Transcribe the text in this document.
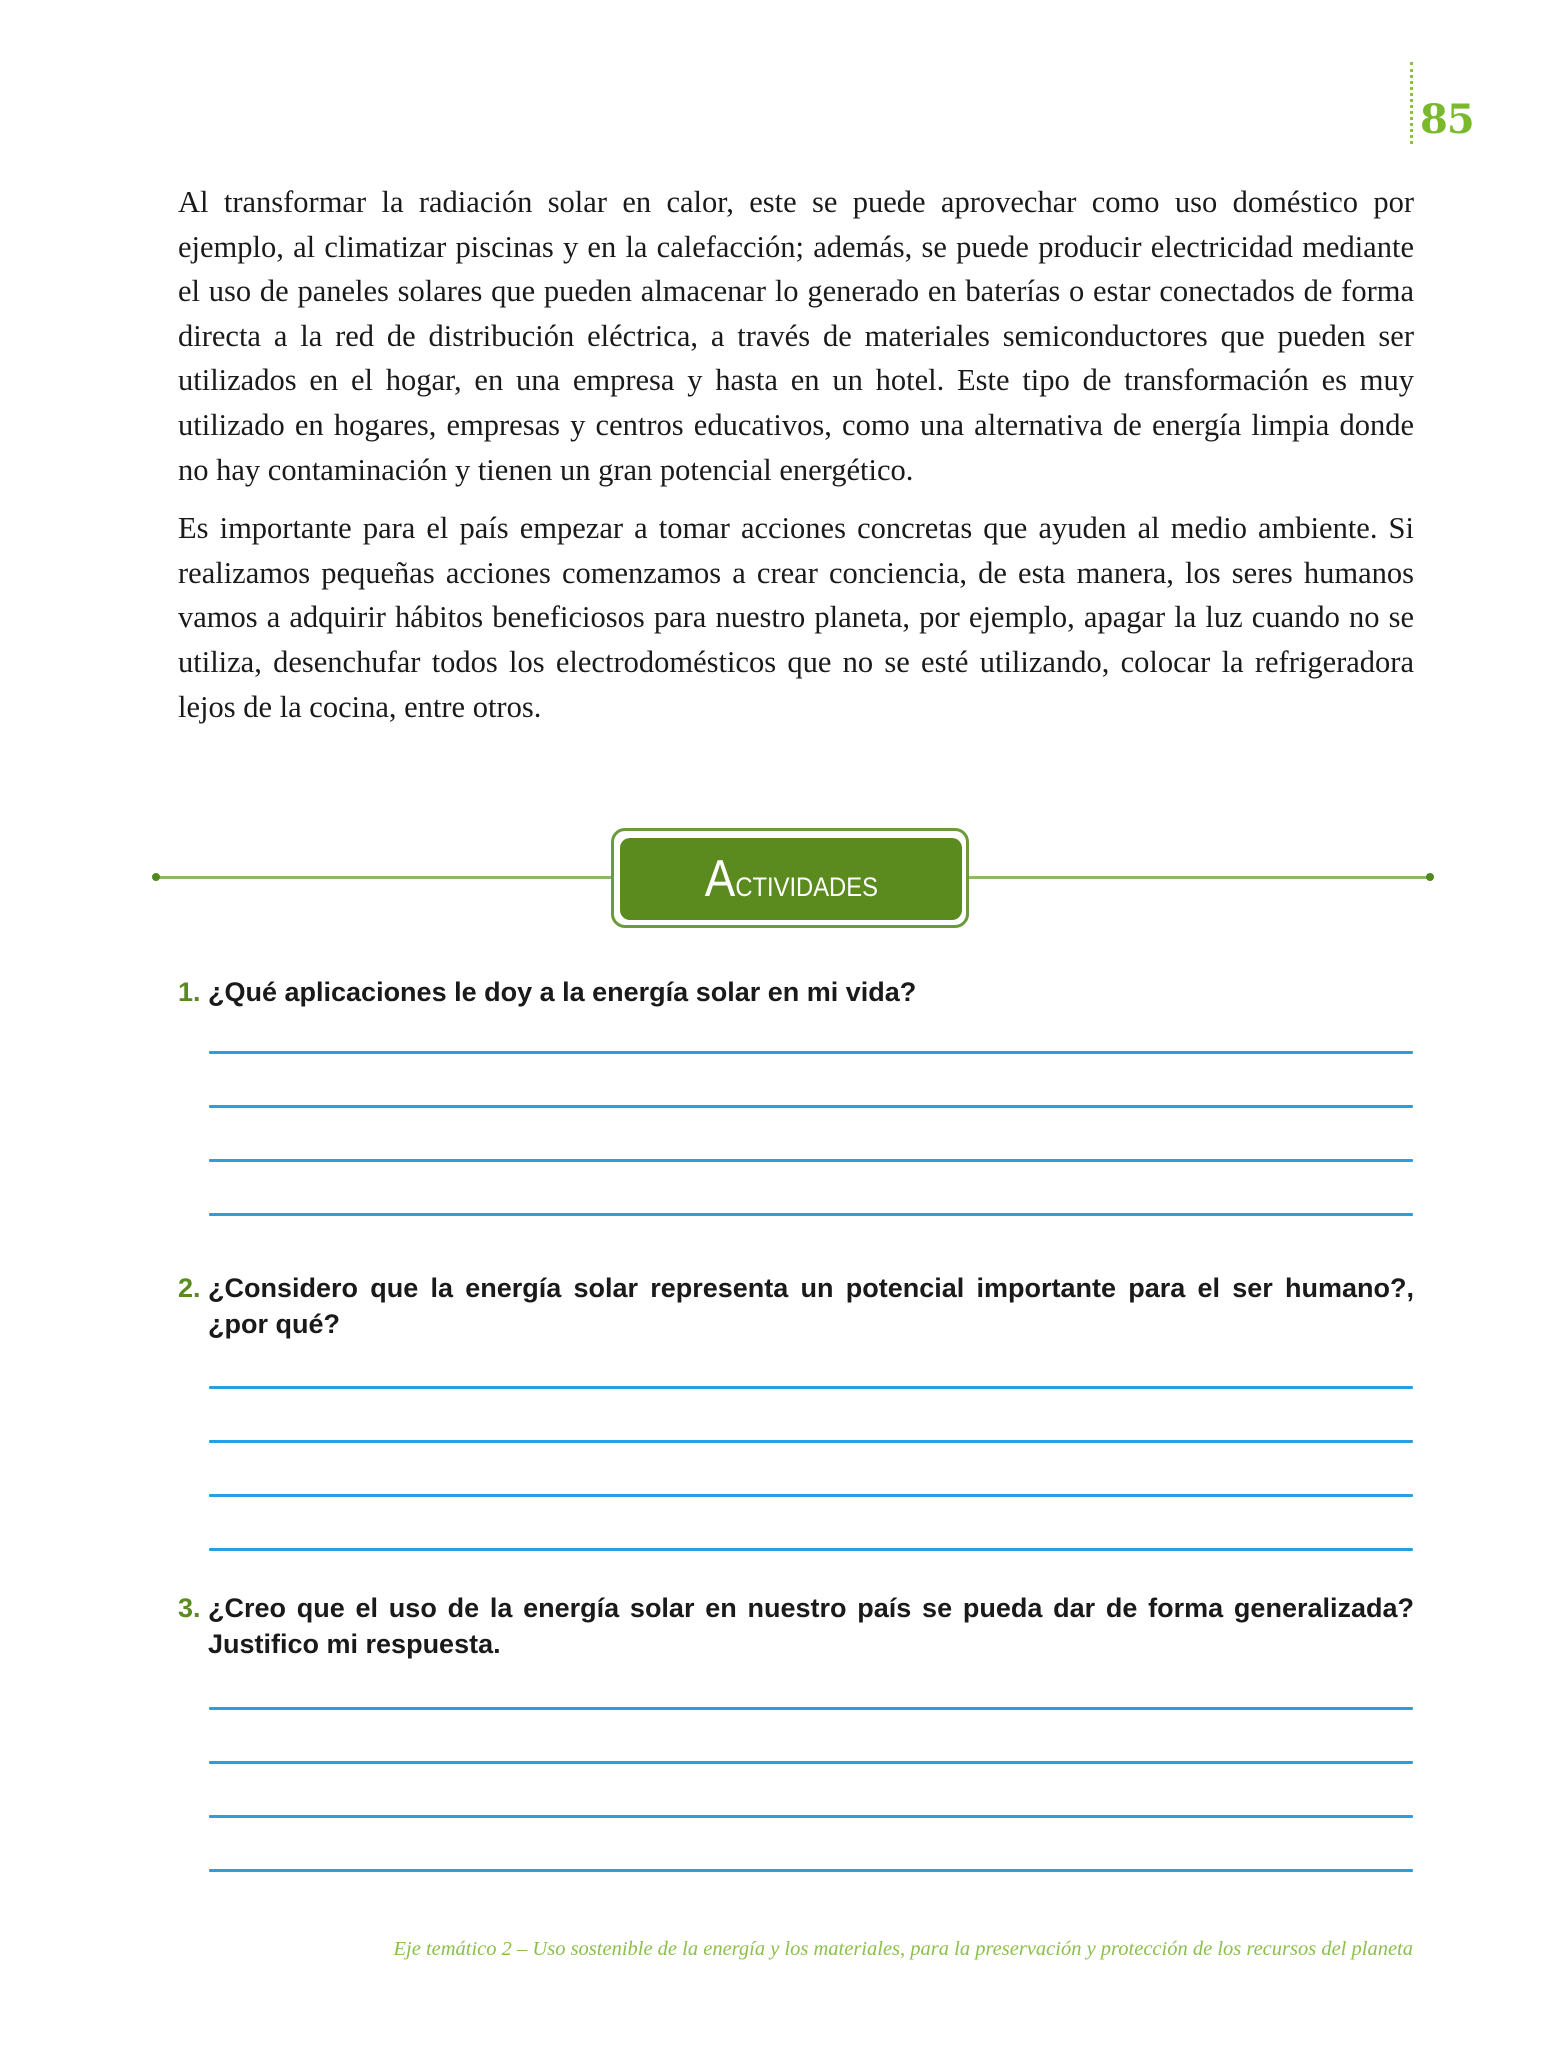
85

Al transformar la radiación solar en calor, este se puede aprovechar como uso doméstico por ejemplo, al climatizar piscinas y en la calefacción; además, se puede producir electricidad mediante el uso de paneles solares que pueden almacenar lo generado en baterías o estar conectados de forma directa a la red de distribución eléctrica, a través de materiales semiconductores que pueden ser utilizados en el hogar, en una empresa y hasta en un hotel. Este tipo de transformación es muy utilizado en hogares, empresas y centros educativos, como una alternativa de energía limpia donde no hay contaminación y tienen un gran potencial energético.

Es importante para el país empezar a tomar acciones concretas que ayuden al medio ambiente. Si realizamos pequeñas acciones comenzamos a crear conciencia, de esta manera, los seres humanos vamos a adquirir hábitos beneficiosos para nuestro planeta, por ejemplo, apagar la luz cuando no se utiliza, desenchufar todos los electrodomésticos que no se esté utilizando, colocar la refrigeradora lejos de la cocina, entre otros.

Actividades
1. ¿Qué aplicaciones le doy a la energía solar en mi vida?
2. ¿Considero que la energía solar representa un potencial importante para el ser humano?, ¿por qué?
3. ¿Creo que el uso de la energía solar en nuestro país se pueda dar de forma generalizada? Justifico mi respuesta.
Eje temático 2 – Uso sostenible de la energía y los materiales, para la preservación y protección de los recursos del planeta
